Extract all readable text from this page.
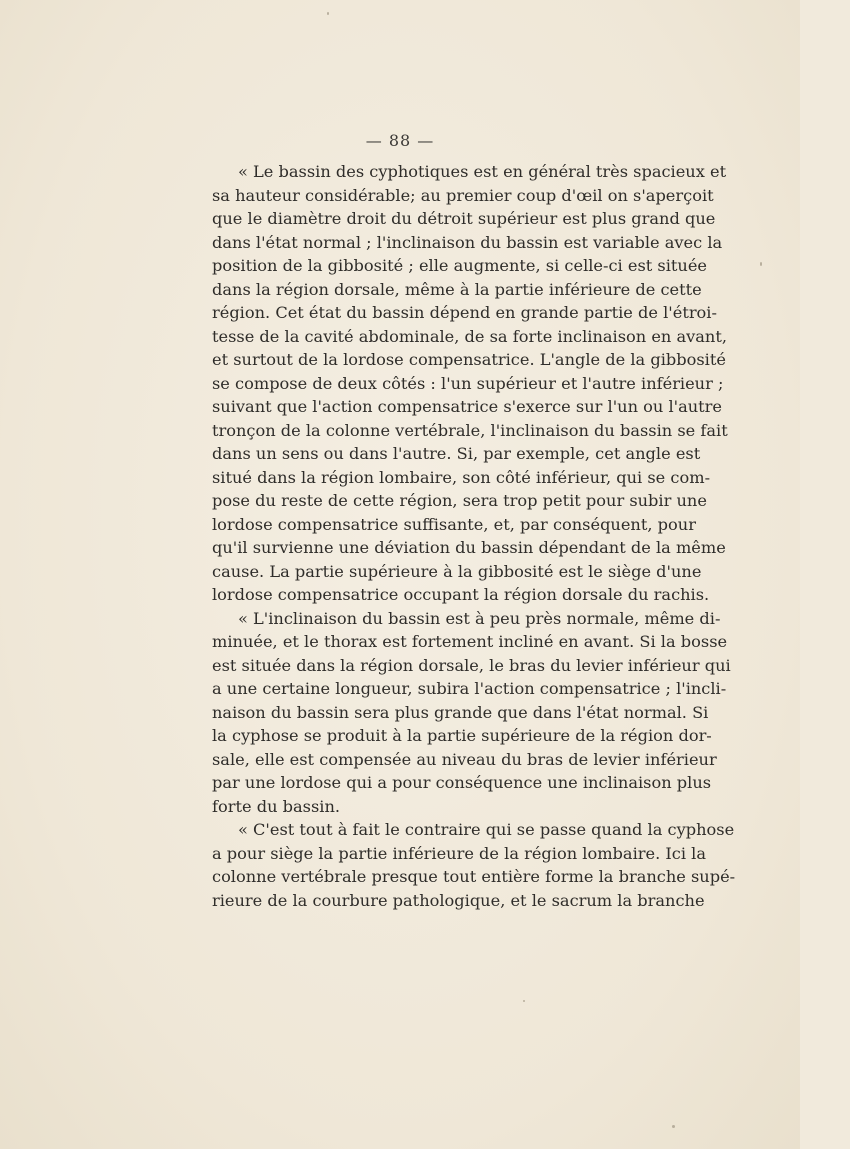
— 88 —
« Le bassin des cyphotiques est en général très spacieux et
sa hauteur considérable; au premier coup d'œil on s'aperçoit
que le diamètre droit du détroit supérieur est plus grand que
dans l'état normal ; l'inclinaison du bassin est variable avec la
position de la gibbosité ; elle augmente, si celle-ci est située
dans la région dorsale, même à la partie inférieure de cette
région. Cet état du bassin dépend en grande partie de l'étroi-
tesse de la cavité abdominale, de sa forte inclinaison en avant,
et surtout de la lordose compensatrice. L'angle de la gibbosité
se compose de deux côtés : l'un supérieur et l'autre inférieur ;
suivant que l'action compensatrice s'exerce sur l'un ou l'autre
tronçon de la colonne vertébrale, l'inclinaison du bassin se fait
dans un sens ou dans l'autre. Si, par exemple, cet angle est
situé dans la région lombaire, son côté inférieur, qui se com-
pose du reste de cette région, sera trop petit pour subir une
lordose compensatrice suffisante, et, par conséquent, pour
qu'il survienne une déviation du bassin dépendant de la même
cause. La partie supérieure à la gibbosité est le siège d'une
lordose compensatrice occupant la région dorsale du rachis.
« L'inclinaison du bassin est à peu près normale, même di-
minuée, et le thorax est fortement incliné en avant. Si la bosse
est située dans la région dorsale, le bras du levier inférieur qui
a une certaine longueur, subira l'action compensatrice ; l'incli-
naison du bassin sera plus grande que dans l'état normal. Si
la cyphose se produit à la partie supérieure de la région dor-
sale, elle est compensée au niveau du bras de levier inférieur
par une lordose qui a pour conséquence une inclinaison plus
forte du bassin.
« C'est tout à fait le contraire qui se passe quand la cyphose
a pour siège la partie inférieure de la région lombaire. Ici la
colonne vertébrale presque tout entière forme la branche supé-
rieure de la courbure pathologique, et le sacrum la branche
